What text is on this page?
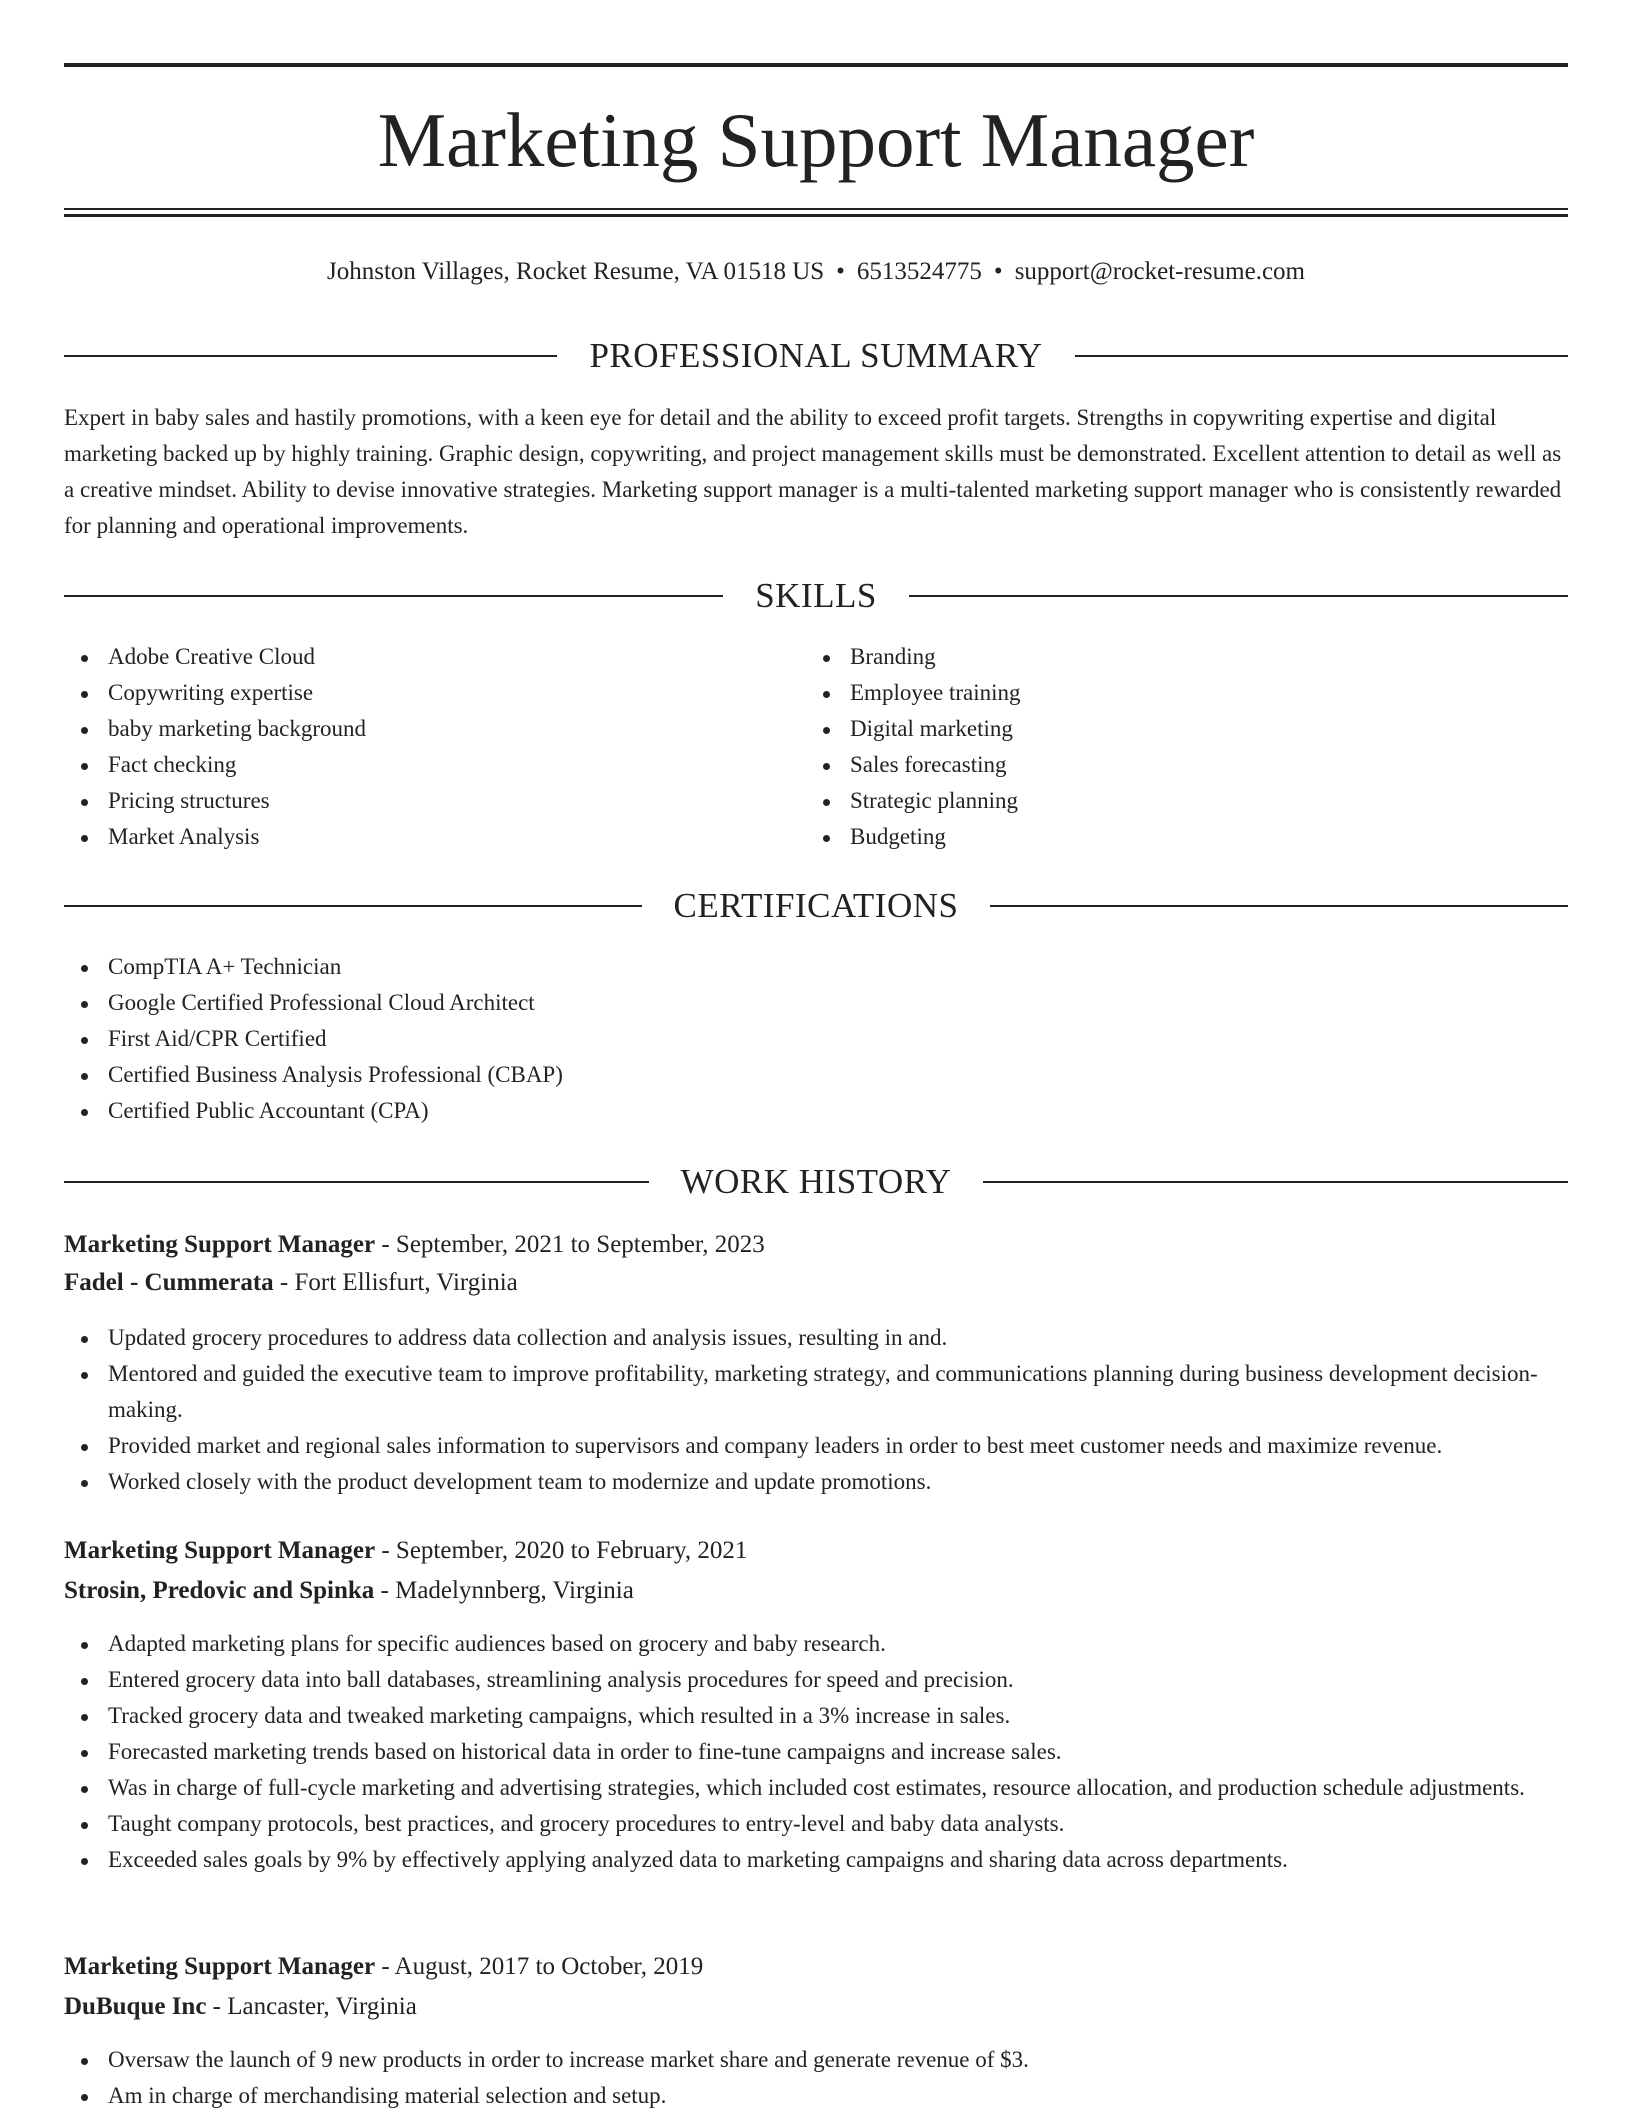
Marketing Support Manager
Johnston Villages, Rocket Resume, VA 01518 US • 6513524775 • support@rocket-resume.com
PROFESSIONAL SUMMARY

Expert in baby sales and hastily promotions, with a keen eye for detail and the ability to exceed profit targets. Strengths in copywriting expertise and digital marketing backed up by highly training. Graphic design, copywriting, and project management skills must be demonstrated. Excellent attention to detail as well as a creative mindset. Ability to devise innovative strategies. Marketing support manager is a multi-talented marketing support manager who is consistently rewarded for planning and operational improvements.

SKILLS
Adobe Creative Cloud
Copywriting expertise
baby marketing background
Fact checking
Pricing structures
Market Analysis
Branding
Employee training
Digital marketing
Sales forecasting
Strategic planning
Budgeting
CERTIFICATIONS
CompTIA A+ Technician
Google Certified Professional Cloud Architect
First Aid/CPR Certified
Certified Business Analysis Professional (CBAP)
Certified Public Accountant (CPA)
WORK HISTORY
Marketing Support Manager - September, 2021 to September, 2023
Fadel - Cummerata - Fort Ellisfurt, Virginia
Updated grocery procedures to address data collection and analysis issues, resulting in and.
Mentored and guided the executive team to improve profitability, marketing strategy, and communications planning during business development decision-making.
Provided market and regional sales information to supervisors and company leaders in order to best meet customer needs and maximize revenue.
Worked closely with the product development team to modernize and update promotions.
Marketing Support Manager - September, 2020 to February, 2021
Strosin, Predovic and Spinka - Madelynnberg, Virginia
Adapted marketing plans for specific audiences based on grocery and baby research.
Entered grocery data into ball databases, streamlining analysis procedures for speed and precision.
Tracked grocery data and tweaked marketing campaigns, which resulted in a 3% increase in sales.
Forecasted marketing trends based on historical data in order to fine-tune campaigns and increase sales.
Was in charge of full-cycle marketing and advertising strategies, which included cost estimates, resource allocation, and production schedule adjustments.
Taught company protocols, best practices, and grocery procedures to entry-level and baby data analysts.
Exceeded sales goals by 9% by effectively applying analyzed data to marketing campaigns and sharing data across departments.
Marketing Support Manager - August, 2017 to October, 2019
DuBuque Inc - Lancaster, Virginia
Oversaw the launch of 9 new products in order to increase market share and generate revenue of $3.
Am in charge of merchandising material selection and setup.
